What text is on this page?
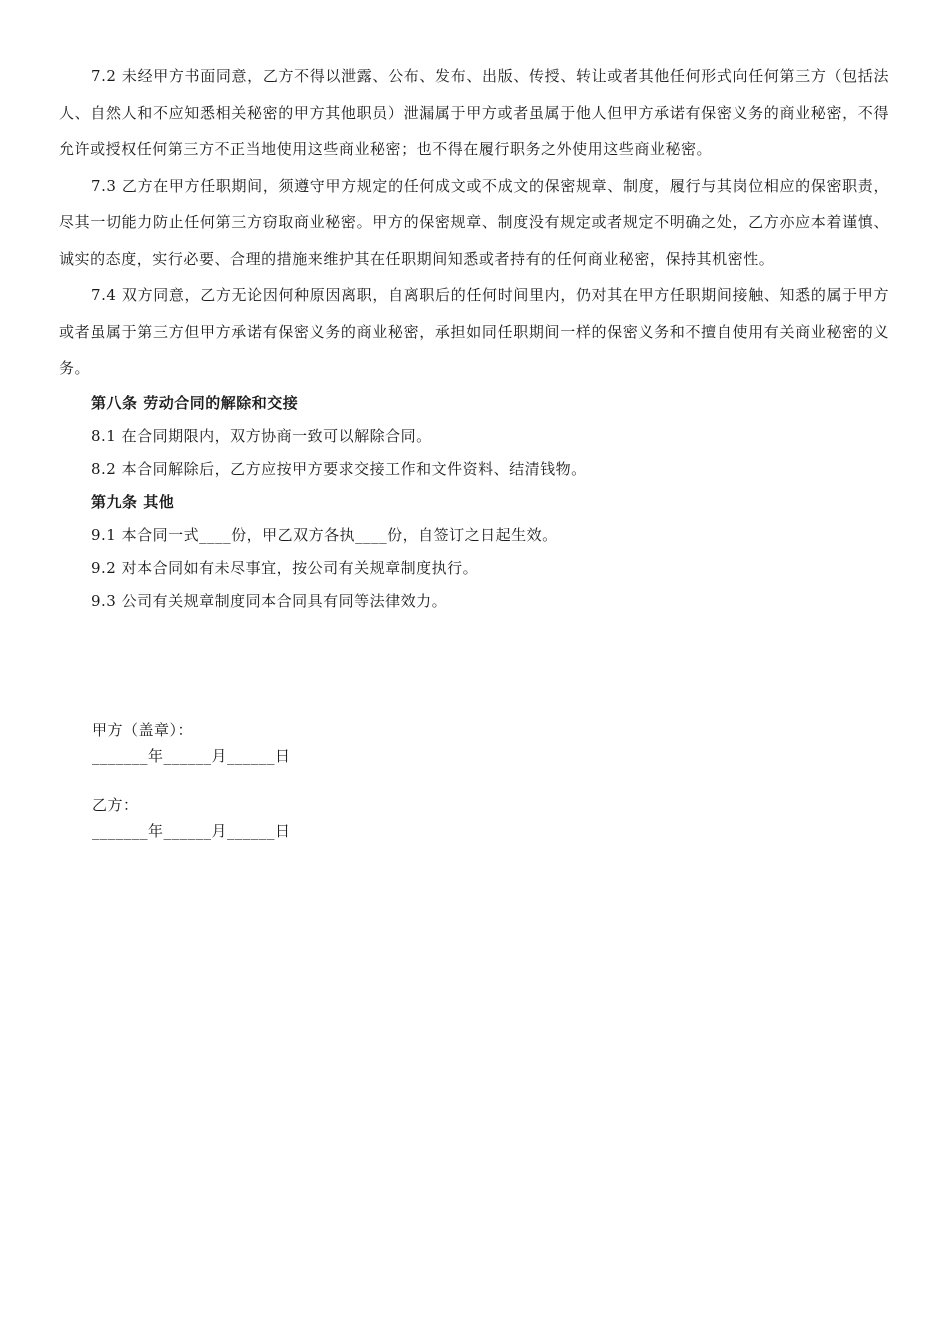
7.2 未经甲方书面同意，乙方不得以泄露、公布、发布、出版、传授、转让或者其他任何形式向任何第三方（包括法人、自然人和不应知悉相关秘密的甲方其他职员）泄漏属于甲方或者虽属于他人但甲方承诺有保密义务的商业秘密，不得允许或授权任何第三方不正当地使用这些商业秘密；也不得在履行职务之外使用这些商业秘密。

7.3 乙方在甲方任职期间，须遵守甲方规定的任何成文或不成文的保密规章、制度，履行与其岗位相应的保密职责，尽其一切能力防止任何第三方窃取商业秘密。甲方的保密规章、制度没有规定或者规定不明确之处，乙方亦应本着谨慎、诚实的态度，实行必要、合理的措施来维护其在任职期间知悉或者持有的任何商业秘密，保持其机密性。

7.4 双方同意，乙方无论因何种原因离职，自离职后的任何时间里内，仍对其在甲方任职期间接触、知悉的属于甲方或者虽属于第三方但甲方承诺有保密义务的商业秘密，承担如同任职期间一样的保密义务和不擅自使用有关商业秘密的义务。

第八条 劳动合同的解除和交接

8.1 在合同期限内，双方协商一致可以解除合同。

8.2 本合同解除后，乙方应按甲方要求交接工作和文件资料、结清钱物。

第九条 其他

9.1 本合同一式____份，甲乙双方各执____份，自签订之日起生效。

9.2 对本合同如有未尽事宜，按公司有关规章制度执行。

9.3 公司有关规章制度同本合同具有同等法律效力。

甲方（盖章）：

_______年______月______日

乙方：

_______年______月______日
